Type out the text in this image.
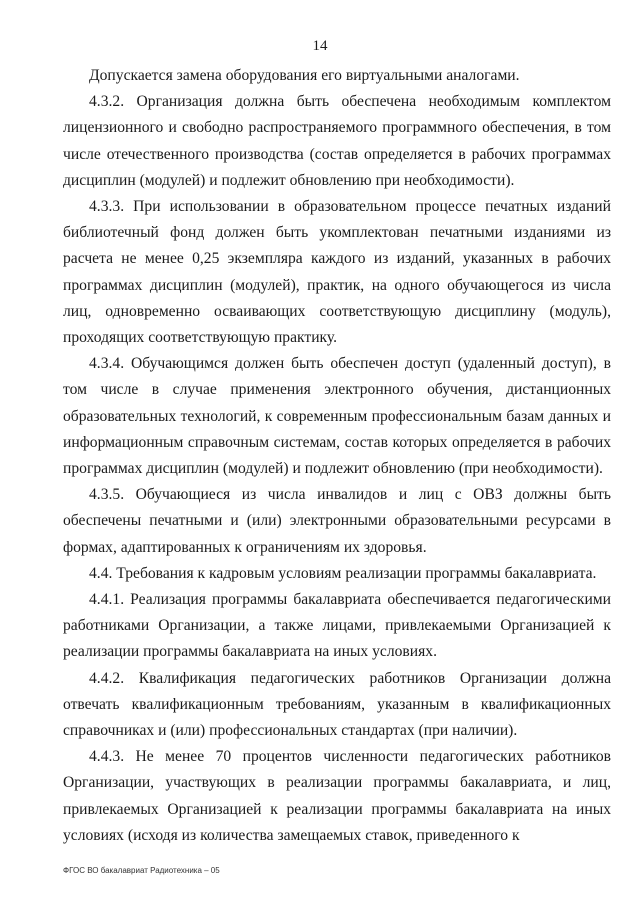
14

Допускается замена оборудования его виртуальными аналогами.

4.3.2. Организация должна быть обеспечена необходимым комплектом лицензионного и свободно распространяемого программного обеспечения, в том числе отечественного производства (состав определяется в рабочих программах дисциплин (модулей) и подлежит обновлению при необходимости).

4.3.3. При использовании в образовательном процессе печатных изданий библиотечный фонд должен быть укомплектован печатными изданиями из расчета не менее 0,25 экземпляра каждого из изданий, указанных в рабочих программах дисциплин (модулей), практик, на одного обучающегося из числа лиц, одновременно осваивающих соответствующую дисциплину (модуль), проходящих соответствующую практику.

4.3.4. Обучающимся должен быть обеспечен доступ (удаленный доступ), в том числе в случае применения электронного обучения, дистанционных образовательных технологий, к современным профессиональным базам данных и информационным справочным системам, состав которых определяется в рабочих программах дисциплин (модулей) и подлежит обновлению (при необходимости).

4.3.5. Обучающиеся из числа инвалидов и лиц с ОВЗ должны быть обеспечены печатными и (или) электронными образовательными ресурсами в формах, адаптированных к ограничениям их здоровья.

4.4. Требования к кадровым условиям реализации программы бакалавриата.

4.4.1. Реализация программы бакалавриата обеспечивается педагогическими работниками Организации, а также лицами, привлекаемыми Организацией к реализации программы бакалавриата на иных условиях.

4.4.2. Квалификация педагогических работников Организации должна отвечать квалификационным требованиям, указанным в квалификационных справочниках и (или) профессиональных стандартах (при наличии).

4.4.3. Не менее 70 процентов численности педагогических работников Организации, участвующих в реализации программы бакалавриата, и лиц, привлекаемых Организацией к реализации программы бакалавриата на иных условиях (исходя из количества замещаемых ставок, приведенного к

ФГОС ВО бакалавриат Радиотехника – 05
